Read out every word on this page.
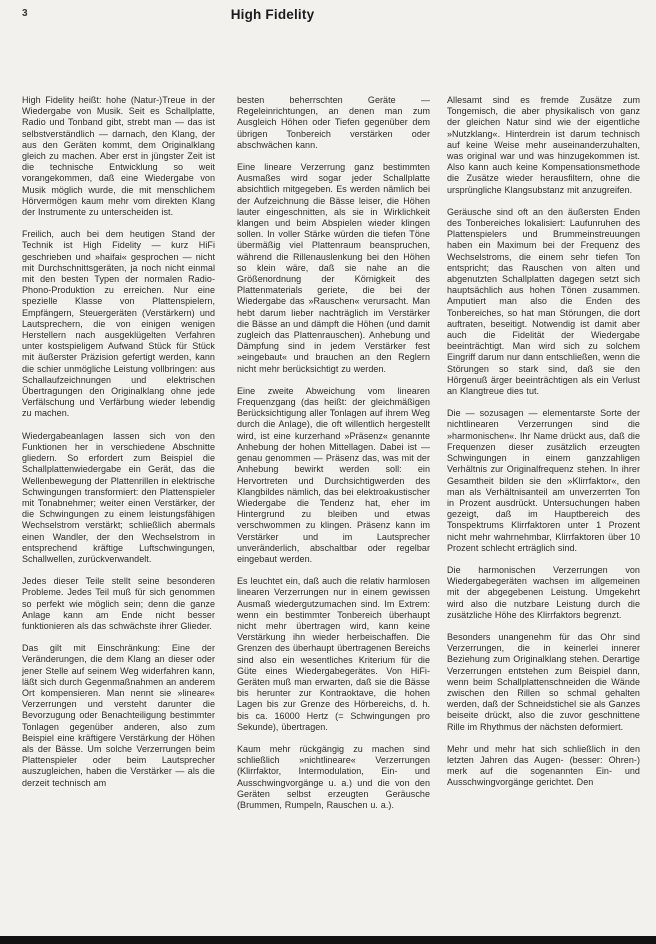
3	High Fidelity

High Fidelity heißt: hohe (Natur-)Treue in der Wiedergabe von Musik. Seit es Schallplatte, Radio und Tonband gibt, strebt man — das ist selbstverständlich — darnach, den Klang, der aus den Geräten kommt, dem Originalklang gleich zu machen. Aber erst in jüngster Zeit ist die technische Entwicklung so weit vorangekommen, daß eine Wiedergabe von Musik möglich wurde, die mit menschlichem Hörvermögen kaum mehr vom direkten Klang der Instrumente zu unterscheiden ist.

Freilich, auch bei dem heutigen Stand der Technik ist High Fidelity — kurz HiFi geschrieben und »haifai« gesprochen — nicht mit Durchschnittsgeräten, ja noch nicht einmal mit den besten Typen der normalen Radio-Phono-Produktion zu erreichen. Nur eine spezielle Klasse von Plattenspielern, Empfängern, Steuergeräten (Verstärkern) und Lautsprechern, die von einigen wenigen Herstellern nach ausgeklügelten Verfahren unter kostspieligem Aufwand Stück für Stück mit äußerster Präzision gefertigt werden, kann die schier unmögliche Leistung vollbringen: aus Schallaufzeichnungen und elektrischen Übertragungen den Originalklang ohne jede Verfälschung und Verfärbung wieder lebendig zu machen.

Wiedergabeanlagen lassen sich von den Funktionen her in verschiedene Abschnitte gliedern. So erfordert zum Beispiel die Schallplattenwiedergabe ein Gerät, das die Wellenbewegung der Plattenrillen in elektrische Schwingungen transformiert: den Plattenspieler mit Tonabnehmer; weiter einen Verstärker, der die Schwingungen zu einem leistungsfähigen Wechselstrom verstärkt; schließlich abermals einen Wandler, der den Wechselstrom in entsprechend kräftige Luftschwingungen, Schallwellen, zurückverwandelt.

Jedes dieser Teile stellt seine besonderen Probleme. Jedes Teil muß für sich genommen so perfekt wie möglich sein; denn die ganze Anlage kann am Ende nicht besser funktionieren als das schwächste ihrer Glieder.

Das gilt mit Einschränkung: Eine der Veränderungen, die dem Klang an dieser oder jener Stelle auf seinem Weg widerfahren kann, läßt sich durch Gegenmaßnahmen an anderem Ort kompensieren. Man nennt sie »lineare« Verzerrungen und versteht darunter die Bevorzugung oder Benachteiligung bestimmter Tonlagen gegenüber anderen, also zum Beispiel eine kräftigere Verstärkung der Höhen als der Bässe. Um solche Verzerrungen beim Plattenspieler oder beim Lautsprecher auszugleichen, haben die Verstärker — als die derzeit technisch am

besten beherrschten Geräte — Regeleinrichtungen, an denen man zum Ausgleich Höhen oder Tiefen gegenüber dem übrigen Tonbereich verstärken oder abschwächen kann.

Eine lineare Verzerrung ganz bestimmten Ausmaßes wird sogar jeder Schallplatte absichtlich mitgegeben. Es werden nämlich bei der Aufzeichnung die Bässe leiser, die Höhen lauter eingeschnitten, als sie in Wirklichkeit klangen und beim Abspielen wieder klingen sollen. In voller Stärke würden die tiefen Töne übermäßig viel Plattenraum beanspruchen, während die Rillenauslenkung bei den Höhen so klein wäre, daß sie nahe an die Größenordnung der Körnigkeit des Plattenmaterials geriete, die bei der Wiedergabe das »Rauschen« verursacht. Man hebt darum lieber nachträglich im Verstärker die Bässe an und dämpft die Höhen (und damit zugleich das Plattenrauschen). Anhebung und Dämpfung sind in jedem Verstärker fest »eingebaut« und brauchen an den Reglern nicht mehr berücksichtigt zu werden.

Eine zweite Abweichung vom linearen Frequenzgang (das heißt: der gleichmäßigen Berücksichtigung aller Tonlagen auf ihrem Weg durch die Anlage), die oft willentlich hergestellt wird, ist eine kurzerhand »Präsenz« genannte Anhebung der hohen Mittellagen. Dabei ist — genau genommen — Präsenz das, was mit der Anhebung bewirkt werden soll: ein Hervortreten und Durchsichtigwerden des Klangbildes nämlich, das bei elektroakustischer Wiedergabe die Tendenz hat, eher im Hintergrund zu bleiben und etwas verschwommen zu klingen. Präsenz kann im Verstärker und im Lautsprecher unveränderlich, abschaltbar oder regelbar eingebaut werden.

Es leuchtet ein, daß auch die relativ harmlosen linearen Verzerrungen nur in einem gewissen Ausmaß wiedergutzumachen sind. Im Extrem: wenn ein bestimmter Tonbereich überhaupt nicht mehr übertragen wird, kann keine Verstärkung ihn wieder herbeischaffen. Die Grenzen des überhaupt übertragenen Bereichs sind also ein wesentliches Kriterium für die Güte eines Wiedergabegerätes. Von HiFi-Geräten muß man erwarten, daß sie die Bässe bis herunter zur Kontraoktave, die hohen Lagen bis zur Grenze des Hörbereichs, d. h. bis ca. 16000 Hertz (= Schwingungen pro Sekunde), übertragen.

Kaum mehr rückgängig zu machen sind schließlich »nichtlineare« Verzerrungen (Klirrfaktor, Intermodulation, Ein- und Ausschwingvorgänge u. a.) und die von den Geräten selbst erzeugten Geräusche (Brummen, Rumpeln, Rauschen u. a.).

Allesamt sind es fremde Zusätze zum Tongemisch, die aber physikalisch von ganz der gleichen Natur sind wie der eigentliche »Nutzklang«. Hinterdrein ist darum technisch auf keine Weise mehr auseinanderzuhalten, was original war und was hinzugekommen ist. Also kann auch keine Kompensationsmethode die Zusätze wieder herausfiltern, ohne die ursprüngliche Klangsubstanz mit anzugreifen.

Geräusche sind oft an den äußersten Enden des Tonbereiches lokalisiert: Laufunruhen des Plattenspielers und Brummeinstreuungen haben ein Maximum bei der Frequenz des Wechselstroms, die einem sehr tiefen Ton entspricht; das Rauschen von alten und abgenutzten Schallplatten dagegen setzt sich hauptsächlich aus hohen Tönen zusammen. Amputiert man also die Enden des Tonbereiches, so hat man Störungen, die dort auftraten, beseitigt. Notwendig ist damit aber auch die Fidelität der Wiedergabe beeinträchtigt. Man wird sich zu solchem Eingriff darum nur dann entschließen, wenn die Störungen so stark sind, daß sie den Hörgenuß ärger beeinträchtigen als ein Verlust an Klangtreue dies tut.

Die — sozusagen — elementarste Sorte der nichtlinearen Verzerrungen sind die »harmonischen«. Ihr Name drückt aus, daß die Frequenzen dieser zusätzlich erzeugten Schwingungen in einem ganzzahligen Verhältnis zur Originalfrequenz stehen. In ihrer Gesamtheit bilden sie den »Klirrfaktor«, den man als Verhältnisanteil am unverzerrten Ton in Prozent ausdrückt. Untersuchungen haben gezeigt, daß im Hauptbereich des Tonspektrums Klirrfaktoren unter 1 Prozent nicht mehr wahrnehmbar, Klirrfaktoren über 10 Prozent schlecht erträglich sind.

Die harmonischen Verzerrungen von Wiedergabegeräten wachsen im allgemeinen mit der abgegebenen Leistung. Umgekehrt wird also die nutzbare Leistung durch die zusätzliche Höhe des Klirrfaktors begrenzt.

Besonders unangenehm für das Ohr sind Verzerrungen, die in keinerlei innerer Beziehung zum Originalklang stehen. Derartige Verzerrungen entstehen zum Beispiel dann, wenn beim Schallplattenschneiden die Wände zwischen den Rillen so schmal gehalten werden, daß der Schneidstichel sie als Ganzes beiseite drückt, also die zuvor geschnittene Rille im Rhythmus der nächsten deformiert.

Mehr und mehr hat sich schließlich in den letzten Jahren das Augen- (besser: Ohren-) merk auf die sogenannten Ein- und Ausschwingvorgänge gerichtet. Den
